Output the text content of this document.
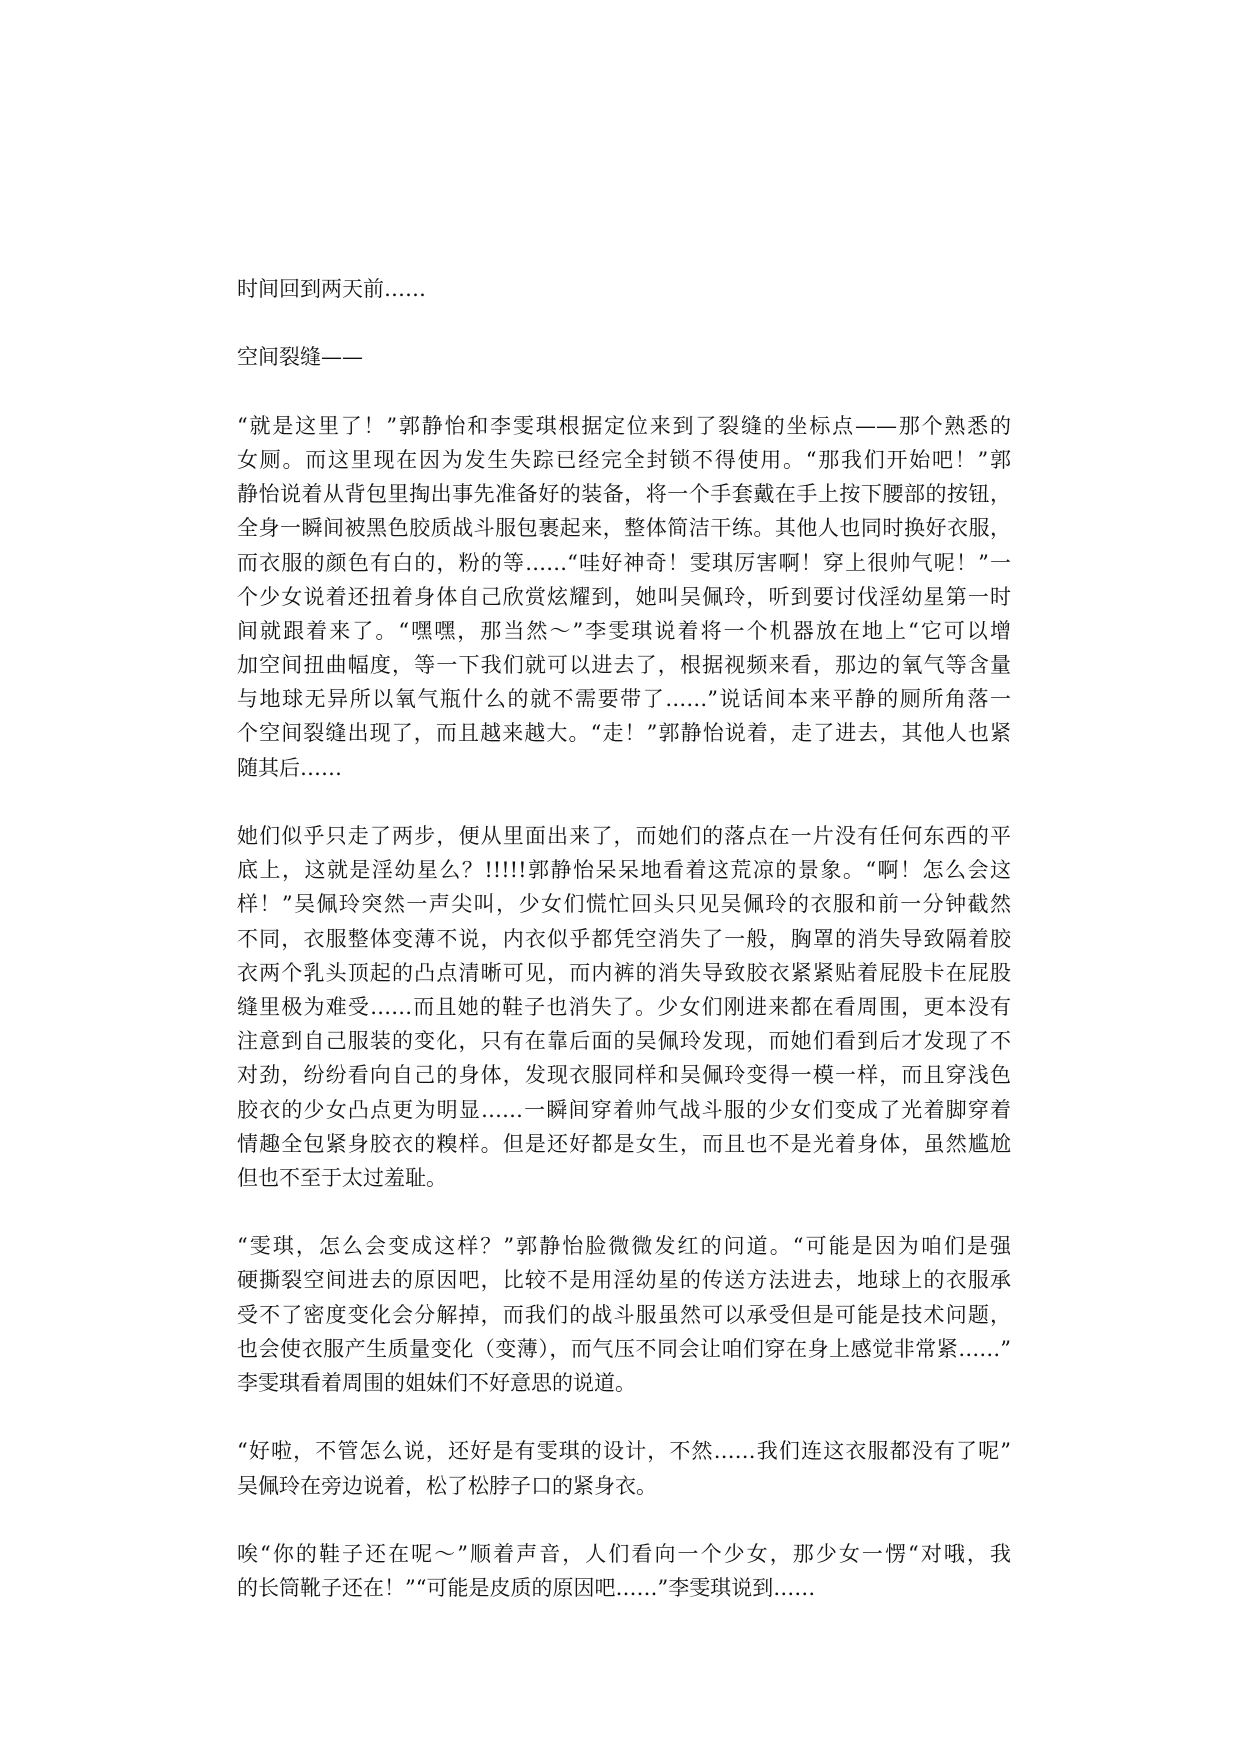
时间回到两天前……
空间裂缝——
“就是这里了！”郭静怡和李雯琪根据定位来到了裂缝的坐标点——那个熟悉的
女厕。而这里现在因为发生失踪已经完全封锁不得使用。“那我们开始吧！”郭
静怡说着从背包里掏出事先准备好的装备，将一个手套戴在手上按下腰部的按钮，
全身一瞬间被黑色胶质战斗服包裹起来，整体简洁干练。其他人也同时换好衣服，
而衣服的颜色有白的，粉的等……“哇好神奇！雯琪厉害啊！穿上很帅气呢！”一
个少女说着还扭着身体自己欣赏炫耀到，她叫吴佩玲，听到要讨伐淫幼星第一时
间就跟着来了。“嘿嘿，那当然～”李雯琪说着将一个机器放在地上“它可以增
加空间扭曲幅度，等一下我们就可以进去了，根据视频来看，那边的氧气等含量
与地球无异所以氧气瓶什么的就不需要带了……”说话间本来平静的厕所角落一
个空间裂缝出现了，而且越来越大。“走！”郭静怡说着，走了进去，其他人也紧
随其后……
她们似乎只走了两步，便从里面出来了，而她们的落点在一片没有任何东西的平
底上，这就是淫幼星么？!!!!!郭静怡呆呆地看着这荒凉的景象。“啊！怎么会这
样！”吴佩玲突然一声尖叫，少女们慌忙回头只见吴佩玲的衣服和前一分钟截然
不同，衣服整体变薄不说，内衣似乎都凭空消失了一般，胸罩的消失导致隔着胶
衣两个乳头顶起的凸点清晰可见，而内裤的消失导致胶衣紧紧贴着屁股卡在屁股
缝里极为难受……而且她的鞋子也消失了。少女们刚进来都在看周围，更本没有
注意到自己服装的变化，只有在靠后面的吴佩玲发现，而她们看到后才发现了不
对劲，纷纷看向自己的身体，发现衣服同样和吴佩玲变得一模一样，而且穿浅色
胶衣的少女凸点更为明显……一瞬间穿着帅气战斗服的少女们变成了光着脚穿着
情趣全包紧身胶衣的糗样。但是还好都是女生，而且也不是光着身体，虽然尴尬
但也不至于太过羞耻。
“雯琪，怎么会变成这样？”郭静怡脸微微发红的问道。“可能是因为咱们是强
硬撕裂空间进去的原因吧，比较不是用淫幼星的传送方法进去，地球上的衣服承
受不了密度变化会分解掉，而我们的战斗服虽然可以承受但是可能是技术问题，
也会使衣服产生质量变化（变薄），而气压不同会让咱们穿在身上感觉非常紧……”
李雯琪看着周围的姐妹们不好意思的说道。
“好啦，不管怎么说，还好是有雯琪的设计，不然……我们连这衣服都没有了呢”
吴佩玲在旁边说着，松了松脖子口的紧身衣。
唉“你的鞋子还在呢～”顺着声音，人们看向一个少女，那少女一愣“对哦，我
的长筒靴子还在！”“可能是皮质的原因吧……”李雯琪说到……
